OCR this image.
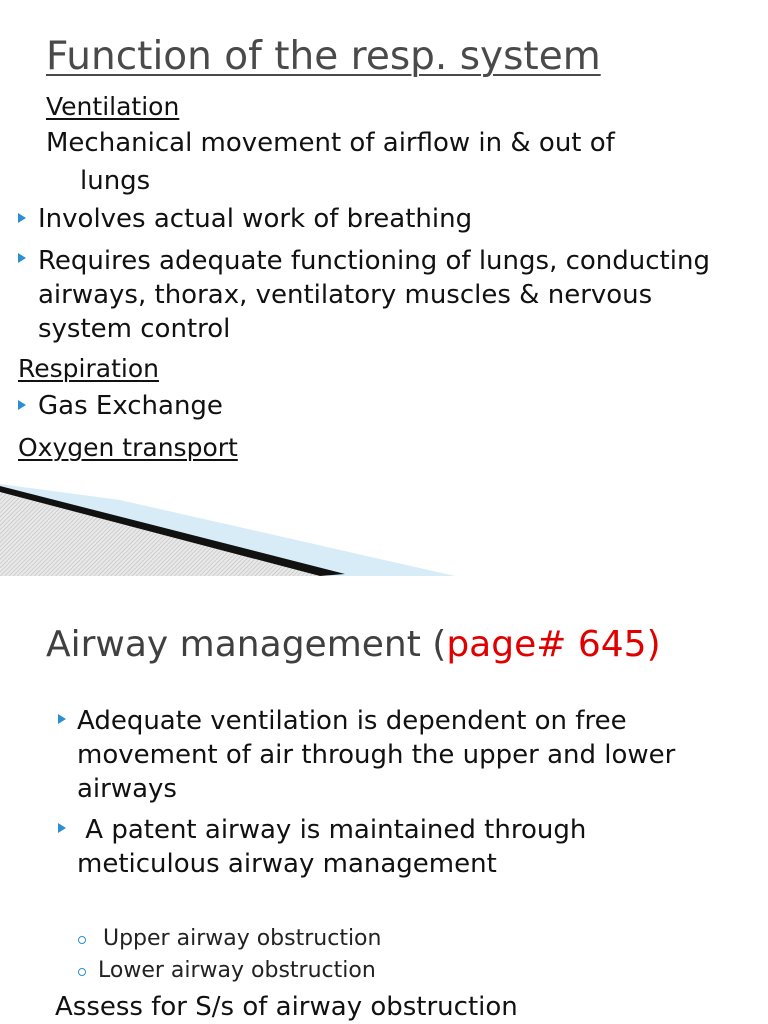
Function of the resp. system
Ventilation
Mechanical movement of airflow in & out of
lungs
Involves actual work of breathing
Requires adequate functioning of lungs, conducting airways, thorax, ventilatory muscles & nervous system control
Respiration
Gas Exchange
Oxygen transport
Airway management (page# 645)
Adequate ventilation is dependent on free movement of air through the upper and lower airways
A patent airway is maintained through meticulous airway management
Upper airway obstruction
Lower airway obstruction
Assess for S/s of airway obstruction
